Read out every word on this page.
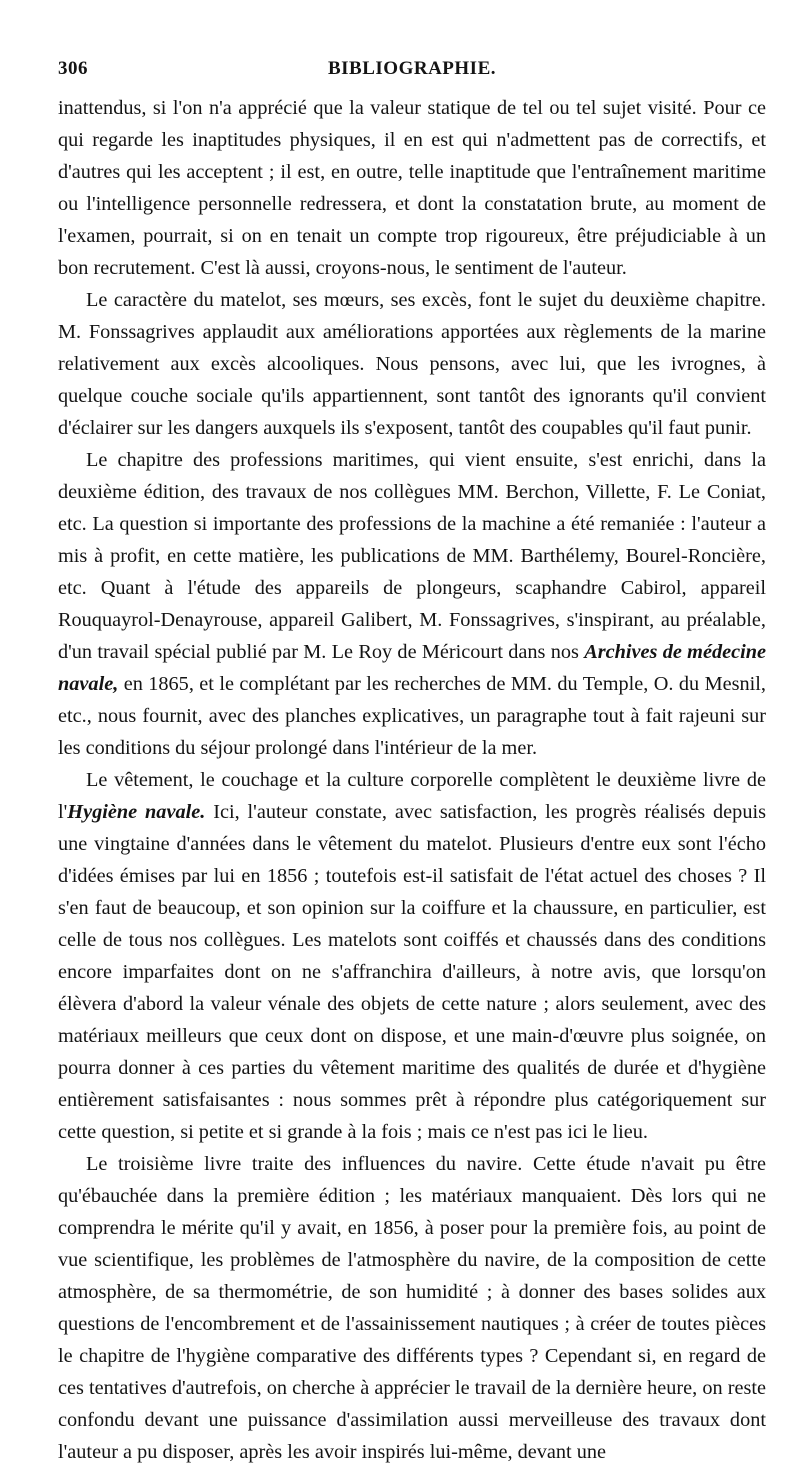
306	BIBLIOGRAPHIE.

inattendus, si l'on n'a apprécié que la valeur statique de tel ou tel sujet visité. Pour ce qui regarde les inaptitudes physiques, il en est qui n'admettent pas de correctifs, et d'autres qui les acceptent ; il est, en outre, telle inaptitude que l'entraînement maritime ou l'intelligence personnelle redressera, et dont la constatation brute, au moment de l'examen, pourrait, si on en tenait un compte trop rigoureux, être préjudiciable à un bon recrutement. C'est là aussi, croyons-nous, le sentiment de l'auteur.

Le caractère du matelot, ses mœurs, ses excès, font le sujet du deuxième chapitre. M. Fonssagrives applaudit aux améliorations apportées aux règlements de la marine relativement aux excès alcooliques. Nous pensons, avec lui, que les ivrognes, à quelque couche sociale qu'ils appartiennent, sont tantôt des ignorants qu'il convient d'éclairer sur les dangers auxquels ils s'exposent, tantôt des coupables qu'il faut punir.

Le chapitre des professions maritimes, qui vient ensuite, s'est enrichi, dans la deuxième édition, des travaux de nos collègues MM. Berchon, Villette, F. Le Coniat, etc. La question si importante des professions de la machine a été remaniée : l'auteur a mis à profit, en cette matière, les publications de MM. Barthélemy, Bourel-Roncière, etc. Quant à l'étude des appareils de plongeurs, scaphandre Cabirol, appareil Rouquayrol-Denayrouse, appareil Galibert, M. Fonssagrives, s'inspirant, au préalable, d'un travail spécial publié par M. Le Roy de Méricourt dans nos Archives de médecine navale, en 1865, et le complétant par les recherches de MM. du Temple, O. du Mesnil, etc., nous fournit, avec des planches explicatives, un paragraphe tout à fait rajeuni sur les conditions du séjour prolongé dans l'intérieur de la mer.

Le vêtement, le couchage et la culture corporelle complètent le deuxième livre de l'Hygiène navale. Ici, l'auteur constate, avec satisfaction, les progrès réalisés depuis une vingtaine d'années dans le vêtement du matelot. Plusieurs d'entre eux sont l'écho d'idées émises par lui en 1856 ; toutefois est-il satisfait de l'état actuel des choses ? Il s'en faut de beaucoup, et son opinion sur la coiffure et la chaussure, en particulier, est celle de tous nos collègues. Les matelots sont coiffés et chaussés dans des conditions encore imparfaites dont on ne s'affranchira d'ailleurs, à notre avis, que lorsqu'on élèvera d'abord la valeur vénale des objets de cette nature ; alors seulement, avec des matériaux meilleurs que ceux dont on dispose, et une main-d'œuvre plus soignée, on pourra donner à ces parties du vêtement maritime des qualités de durée et d'hygiène entièrement satisfaisantes : nous sommes prêt à répondre plus catégoriquement sur cette question, si petite et si grande à la fois ; mais ce n'est pas ici le lieu.

Le troisième livre traite des influences du navire. Cette étude n'avait pu être qu'ébauchée dans la première édition ; les matériaux manquaient. Dès lors qui ne comprendra le mérite qu'il y avait, en 1856, à poser pour la première fois, au point de vue scientifique, les problèmes de l'atmosphère du navire, de la composition de cette atmosphère, de sa thermométrie, de son humidité ; à donner des bases solides aux questions de l'encombrement et de l'assainissement nautiques ; à créer de toutes pièces le chapitre de l'hygiène comparative des différents types ? Cependant si, en regard de ces tentatives d'autrefois, on cherche à apprécier le travail de la dernière heure, on reste confondu devant une puissance d'assimilation aussi merveilleuse des travaux dont l'auteur a pu disposer, après les avoir inspirés lui-même, devant une
